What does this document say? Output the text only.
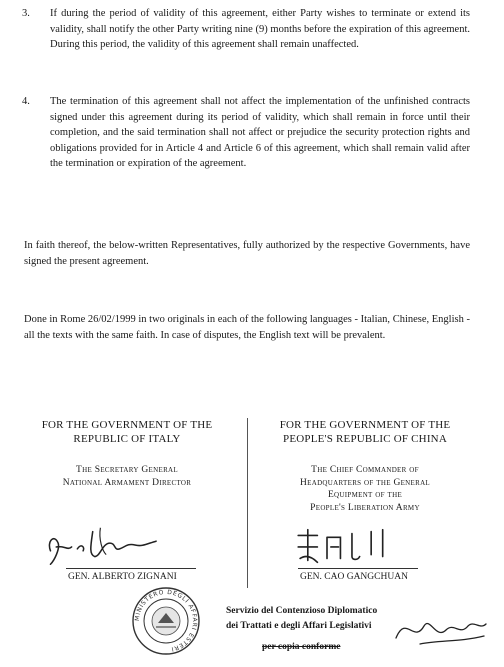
3. If during the period of validity of this agreement, either Party wishes to terminate or extend its validity, shall notify the other Party writing nine (9) months before the expiration of this agreement. During this period, the validity of this agreement shall remain unaffected.
4. The termination of this agreement shall not affect the implementation of the unfinished contracts signed under this agreement during its period of validity, which shall remain in force until their completion, and the said termination shall not affect or prejudice the security protection rights and obligations provided for in Article 4 and Article 6 of this agreement, which shall remain valid after the termination or expiration of the agreement.
In faith thereof, the below-written Representatives, fully authorized by the respective Governments, have signed the present agreement.
Done in Rome 26/02/1999 in two originals in each of the following languages - Italian, Chinese, English - all the texts with the same faith. In case of disputes, the English text will be prevalent.
FOR THE GOVERNMENT OF THE
REPUBLIC OF ITALY
The Secretary General
National Armament Director
FOR THE GOVERNMENT OF THE
PEOPLE'S REPUBLIC OF CHINA
The Chief Commander of
Headquarters of the General
Equipment of the
People's Liberation Army
GEN. ALBERTO ZIGNANI	GEN. CAO GANGCHUAN
MINISTERO DEGLI AFFARI ESTERI
Servizio del Contenzioso Diplomatico
dei Trattati e degli Affari Legislativi
per copia conforme
